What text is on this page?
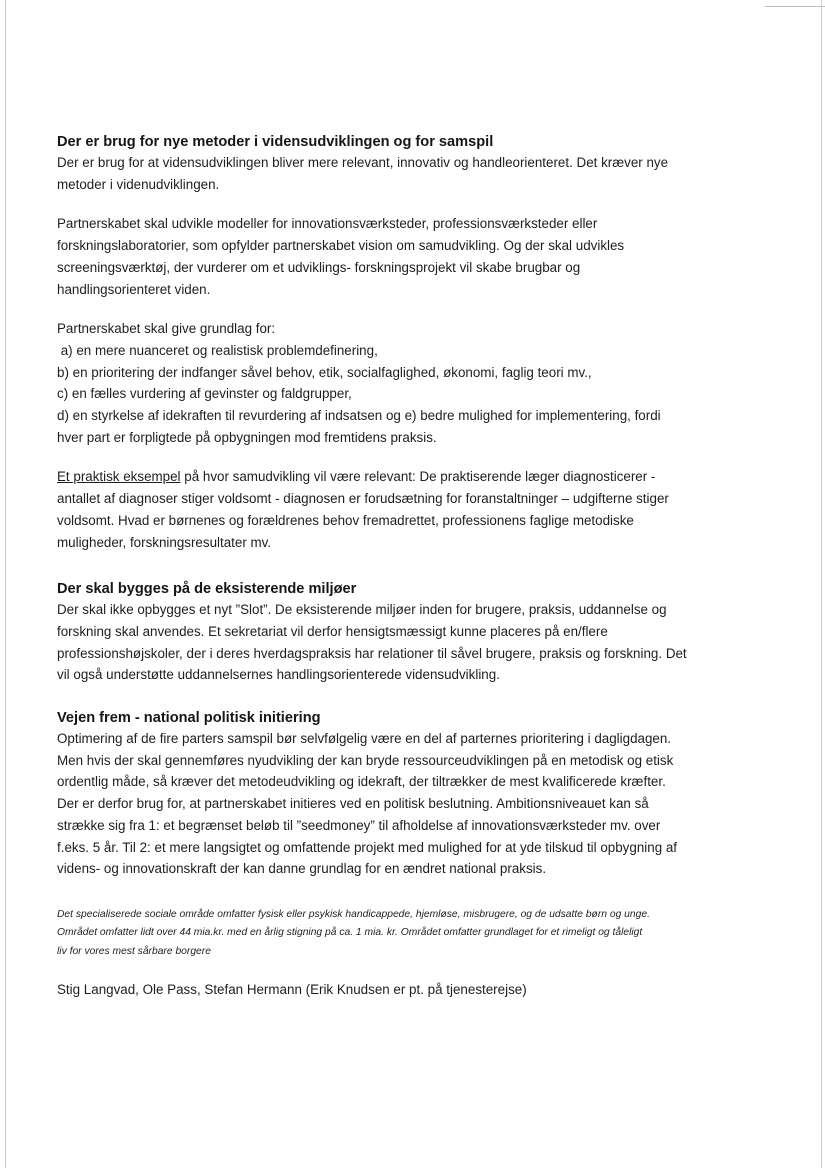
Der er brug for nye metoder i vidensudviklingen og for samspil

Der er brug for at vidensudviklingen bliver mere relevant, innovativ og handleorienteret. Det kræver nye

metoder i videnudviklingen.

Partnerskabet skal udvikle modeller for innovationsværksteder, professionsværksteder eller

forskningslaboratorier, som opfylder partnerskabet vision om samudvikling. Og der skal udvikles

screeningsværktøj, der vurderer om et udviklings- forskningsprojekt vil skabe brugbar og

handlingsorienteret viden.

Partnerskabet skal give grundlag for:

a) en mere nuanceret og realistisk problemdefinering,

b) en prioritering der indfanger såvel behov, etik, socialfaglighed, økonomi, faglig teori mv.,

c) en fælles vurdering af gevinster og faldgrupper,

d) en styrkelse af idekraften til revurdering af indsatsen og e) bedre mulighed for implementering, fordi

hver part er forpligtede på opbygningen mod fremtidens praksis.

Et praktisk eksempel på hvor samudvikling vil være relevant: De praktiserende læger diagnosticerer -

antallet af diagnoser stiger voldsomt - diagnosen er forudsætning for foranstaltninger – udgifterne stiger

voldsomt. Hvad er børnenes og forældrenes behov fremadrettet, professionens faglige metodiske

muligheder, forskningsresultater mv.

Der skal bygges på de eksisterende miljøer

Der skal ikke opbygges et nyt ”Slot”. De eksisterende miljøer inden for brugere, praksis, uddannelse og

forskning skal anvendes. Et sekretariat vil derfor hensigtsmæssigt kunne placeres på en/flere

professionshøjskoler, der i deres hverdagspraksis har relationer til såvel brugere, praksis og forskning. Det

vil også understøtte uddannelsernes handlingsorienterede vidensudvikling.

Vejen frem - national politisk initiering

Optimering af de fire parters samspil bør selvfølgelig være en del af parternes prioritering i dagligdagen.

Men hvis der skal gennemføres nyudvikling der kan bryde ressourceudviklingen på en metodisk og etisk

ordentlig måde, så kræver det metodeudvikling og idekraft, der tiltrækker de mest kvalificerede kræfter.

Der er derfor brug for, at partnerskabet initieres ved en politisk beslutning. Ambitionsniveauet kan så

strække sig fra 1: et begrænset beløb til ”seedmoney” til afholdelse af innovationsværksteder mv. over

f.eks. 5 år. Til 2: et mere langsigtet og omfattende projekt med mulighed for at yde tilskud til opbygning af

videns- og innovationskraft der kan danne grundlag for en ændret national praksis.

Det specialiserede sociale område omfatter fysisk eller psykisk handicappede, hjemløse, misbrugere, og de udsatte børn og unge.

Området omfatter lidt over 44 mia.kr. med en årlig stigning på ca. 1 mia. kr. Området omfatter grundlaget for et rimeligt og tåleligt

liv for vores mest sårbare borgere

Stig Langvad, Ole Pass, Stefan Hermann (Erik Knudsen er pt. på tjenesterejse)
